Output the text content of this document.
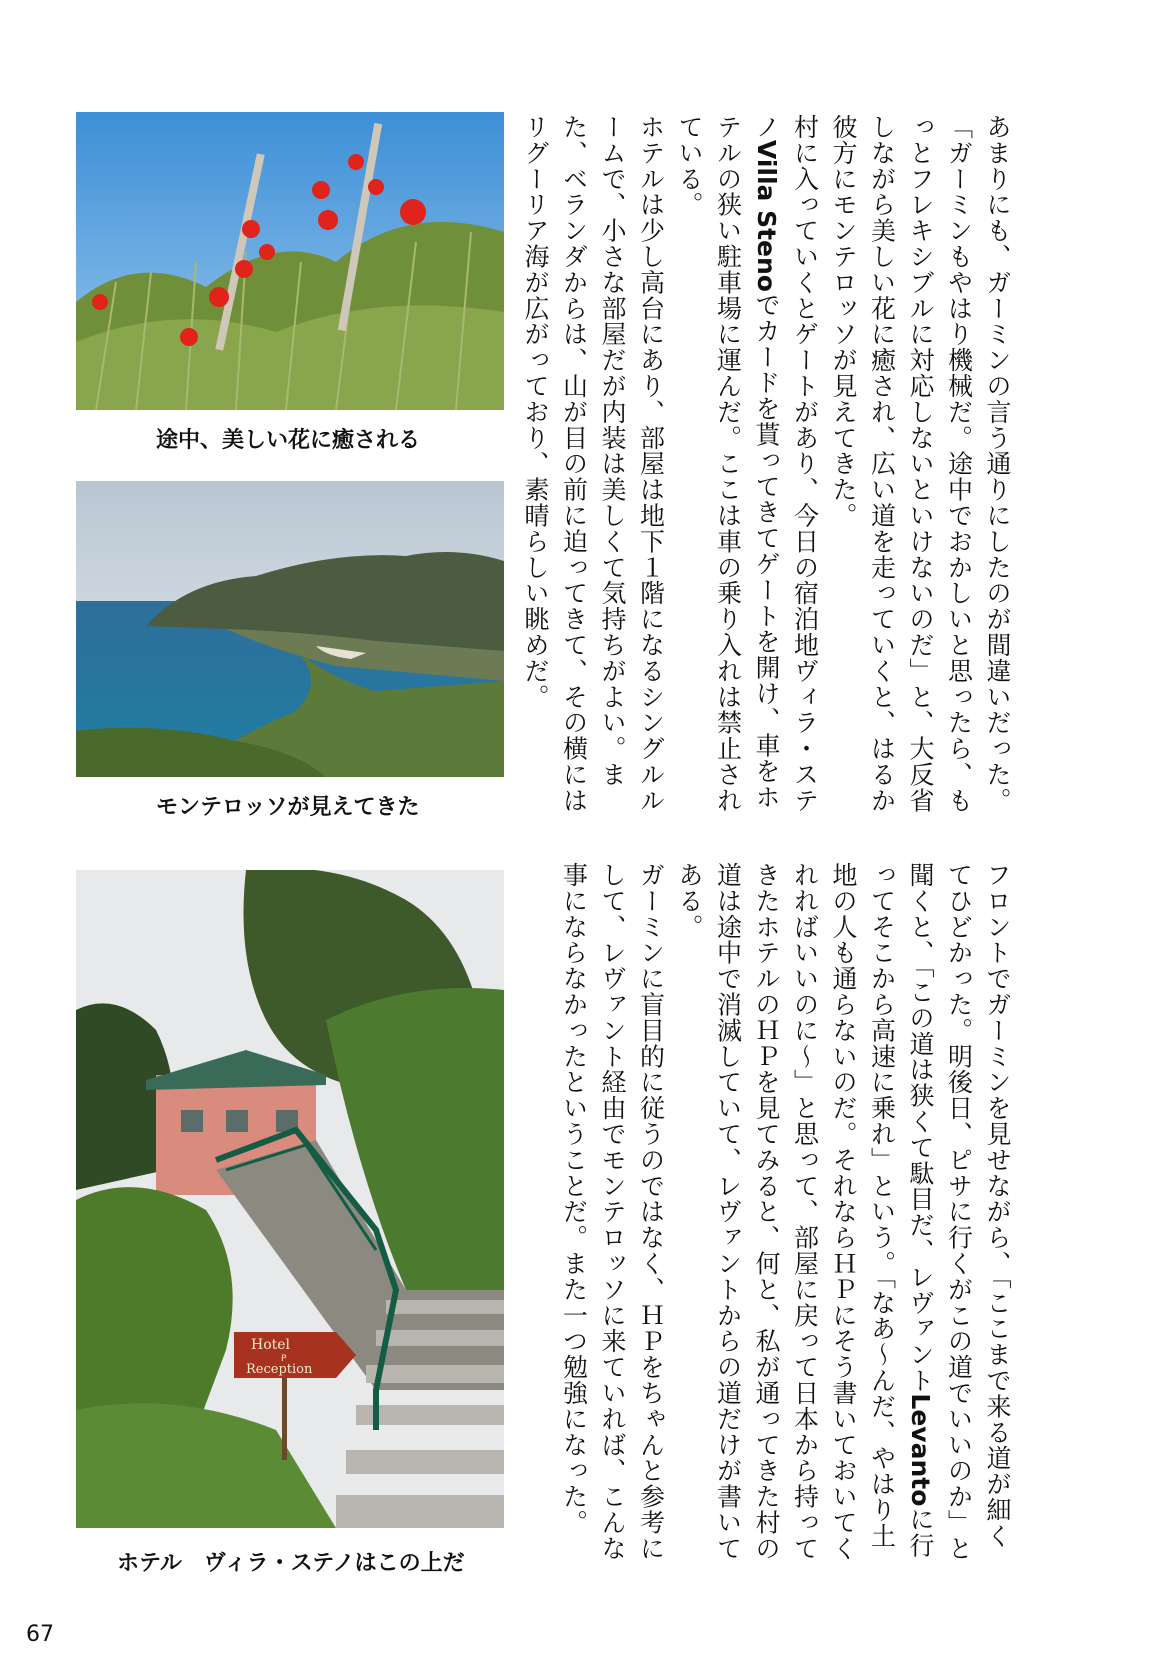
途中、美しい花に癒される
モンテロッソが見えてきた
Hotel
P
Reception
ホテル　ヴィラ・ステノはこの上だ

あまりにも、ガーミンの言う通りにしたのが間違いだった。

「ガーミンもやはり機械だ。途中でおかしいと思ったら、もっとフレキシブルに対応しないといけないのだ」と、大反省しながら美しい花に癒され、広い道を走っていくと、はるか彼方にモンテロッソが見えてきた。

村に入っていくとゲートがあり、今日の宿泊地ヴィラ・ステノVilla Stenoでカードを貰ってきてゲートを開け、車をホテルの狭い駐車場に運んだ。ここは車の乗り入れは禁止されている。

ホテルは少し高台にあり、部屋は地下１階になるシングルルームで、小さな部屋だが内装は美しくて気持ちがよい。また、ベランダからは、山が目の前に迫ってきて、その横にはリグーリア海が広がっており、素晴らしい眺めだ。

フロントでガーミンを見せながら、「ここまで来る道が細くてひどかった。明後日、ピサに行くがこの道でいいのか」と聞くと、「この道は狭くて駄目だ、レヴァントLevantoに行ってそこから高速に乗れ」という。「なあ〜んだ、やはり土地の人も通らないのだ。それならＨＰにそう書いておいてくれればいいのに〜」と思って、部屋に戻って日本から持ってきたホテルのＨＰを見てみると、何と、私が通ってきた村の道は途中で消滅していて、レヴァントからの道だけが書いてある。

ガーミンに盲目的に従うのではなく、ＨＰをちゃんと参考にして、レヴァント経由でモンテロッソに来ていれば、こんな事にならなかったということだ。また一つ勉強になった。

67
